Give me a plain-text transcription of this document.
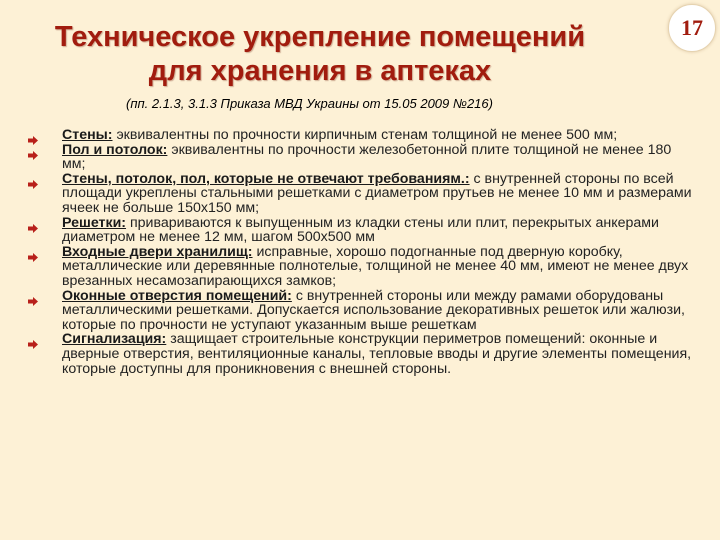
Техническое укрепление помещений
для хранения в аптеках
17
(пп. 2.1.3, 3.1.3 Приказа МВД Украины от 15.05 2009 №216)
Стены: эквивалентны по прочности кирпичным стенам толщиной не менее 500 мм;
Пол и потолок: эквивалентны по прочности железобетонной плите толщиной не менее 180 мм;
Стены, потолок, пол, которые не отвечают требованиям.: с внутренней стороны по всей площади укреплены стальными решетками с диаметром прутьев не менее 10 мм и размерами ячеек не больше 150x150 мм;
Решетки: привариваются к выпущенным из кладки стены или плит, перекрытых анкерами диаметром не менее 12 мм, шагом 500x500 мм
Входные двери хранилищ: исправные, хорошо подогнанные под дверную коробку, металлические или деревянные полнотелые, толщиной не менее 40 мм, имеют не менее двух врезанных несамозапирающихся замков;
Оконные отверстия помещений: с внутренней стороны или между рамами оборудованы металлическими решетками. Допускается использование декоративных решеток или жалюзи, которые по прочности не уступают указанным выше решеткам
Сигнализация: защищает строительные конструкции периметров помещений: оконные и дверные отверстия, вентиляционные каналы, тепловые вводы и другие элементы помещения, которые доступны для проникновения с внешней стороны.
